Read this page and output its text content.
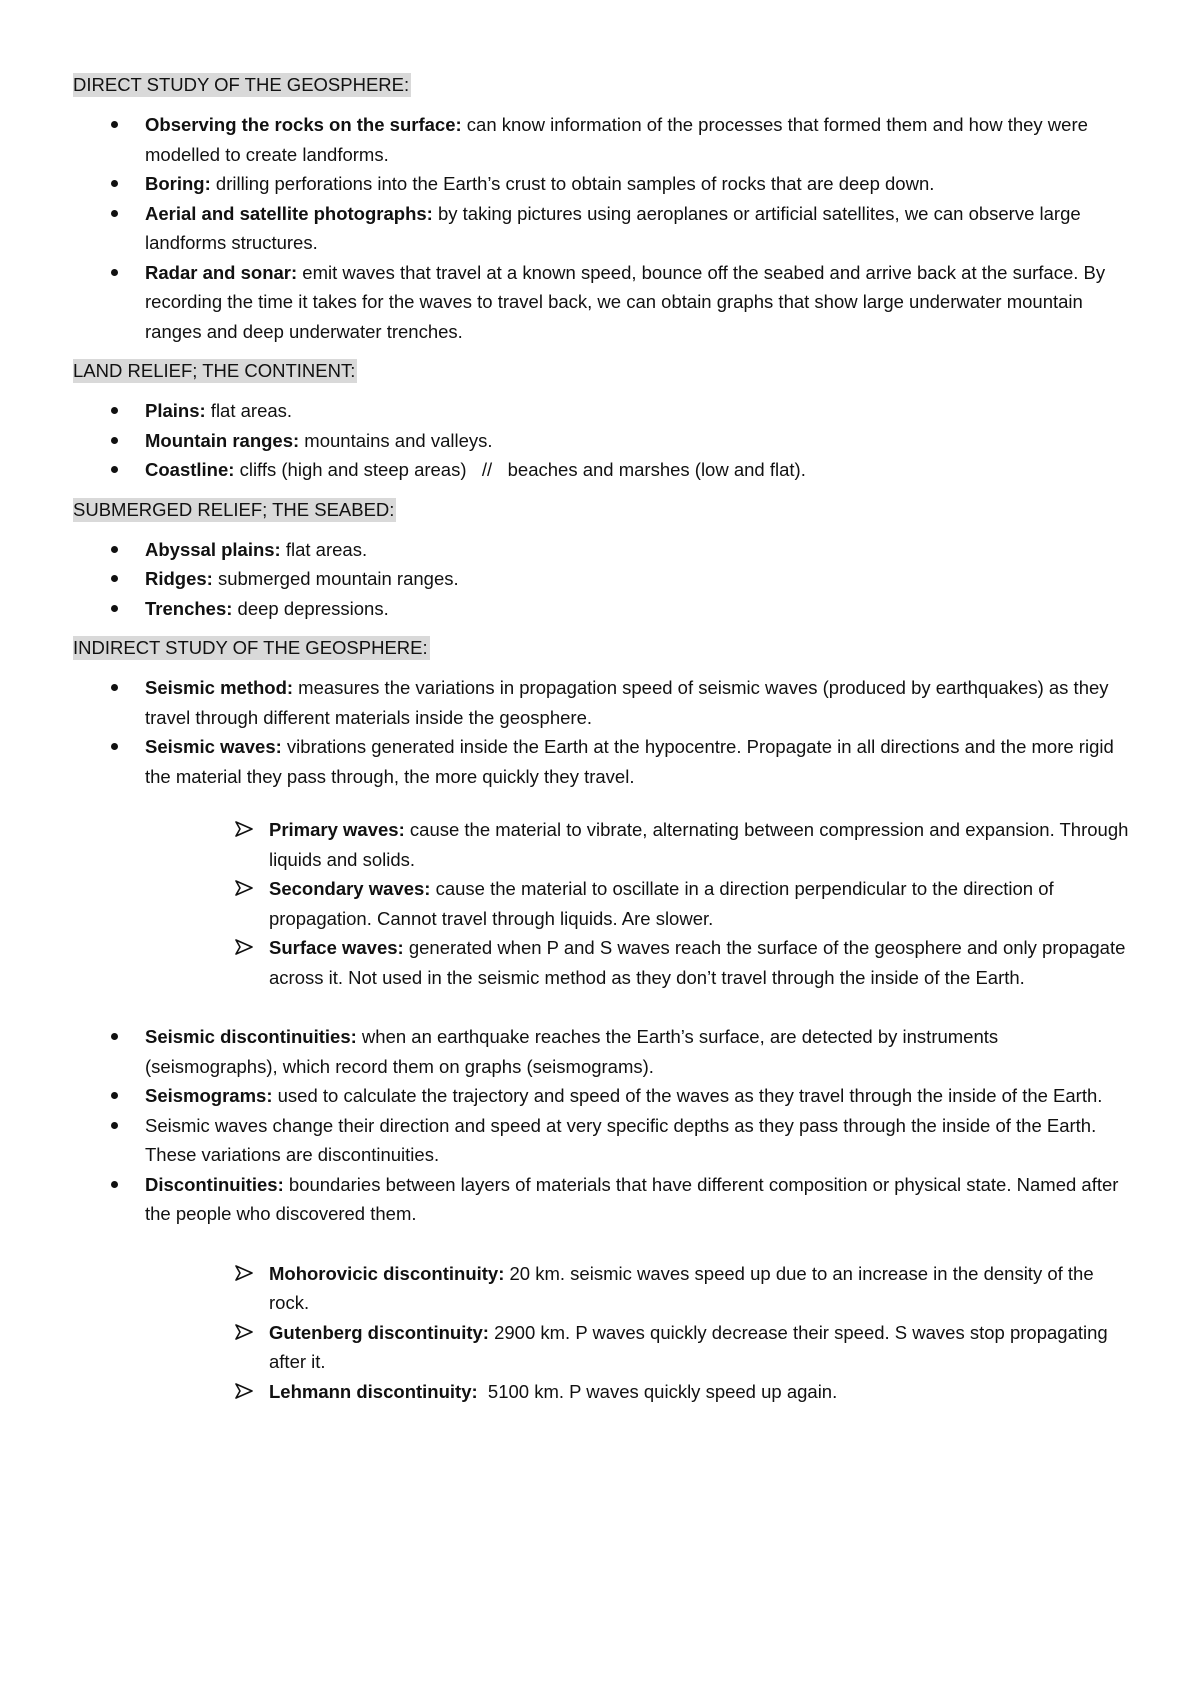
DIRECT STUDY OF THE GEOSPHERE:
Observing the rocks on the surface: can know information of the processes that formed them and how they were modelled to create landforms.
Boring: drilling perforations into the Earth’s crust to obtain samples of rocks that are deep down.
Aerial and satellite photographs: by taking pictures using aeroplanes or artificial satellites, we can observe large landforms structures.
Radar and sonar: emit waves that travel at a known speed, bounce off the seabed and arrive back at the surface. By recording the time it takes for the waves to travel back, we can obtain graphs that show large underwater mountain ranges and deep underwater trenches.
LAND RELIEF; THE CONTINENT:
Plains: flat areas.
Mountain ranges: mountains and valleys.
Coastline: cliffs (high and steep areas)   //   beaches and marshes (low and flat).
SUBMERGED RELIEF; THE SEABED:
Abyssal plains: flat areas.
Ridges: submerged mountain ranges.
Trenches: deep depressions.
INDIRECT STUDY OF THE GEOSPHERE:
Seismic method: measures the variations in propagation speed of seismic waves (produced by earthquakes) as they travel through different materials inside the geosphere.
Seismic waves: vibrations generated inside the Earth at the hypocentre. Propagate in all directions and the more rigid the material they pass through, the more quickly they travel.
Primary waves: cause the material to vibrate, alternating between compression and expansion. Through liquids and solids.
Secondary waves: cause the material to oscillate in a direction perpendicular to the direction of propagation. Cannot travel through liquids. Are slower.
Surface waves: generated when P and S waves reach the surface of the geosphere and only propagate across it. Not used in the seismic method as they don’t travel through the inside of the Earth.
Seismic discontinuities: when an earthquake reaches the Earth’s surface, are detected by instruments (seismographs), which record them on graphs (seismograms).
Seismograms: used to calculate the trajectory and speed of the waves as they travel through the inside of the Earth.
Seismic waves change their direction and speed at very specific depths as they pass through the inside of the Earth. These variations are discontinuities.
Discontinuities: boundaries between layers of materials that have different composition or physical state. Named after the people who discovered them.
Mohorovicic discontinuity: 20 km. seismic waves speed up due to an increase in the density of the rock.
Gutenberg discontinuity: 2900 km. P waves quickly decrease their speed. S waves stop propagating after it.
Lehmann discontinuity:  5100 km. P waves quickly speed up again.
